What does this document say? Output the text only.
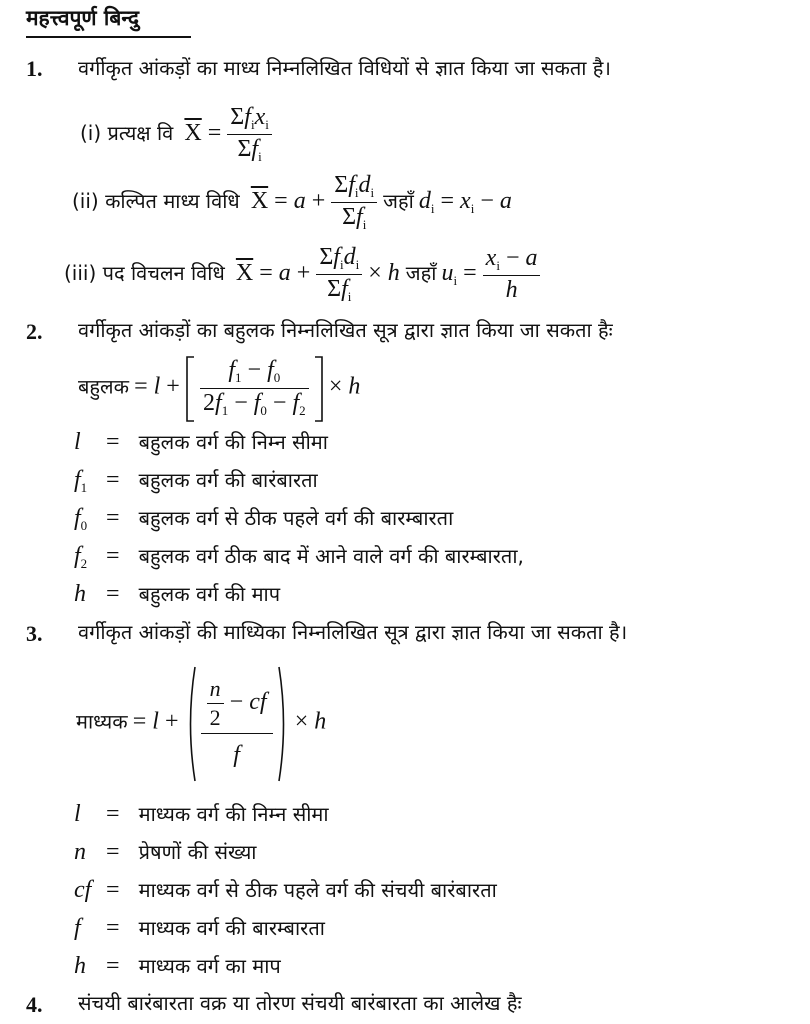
महत्त्वपूर्ण बिन्दु
1. वर्गीकृत आंकड़ों का माध्य निम्नलिखित विधियों से ज्ञात किया जा सकता है।
(i) प्रत्यक्ष वि $\overline{X} = \frac{\Sigma f_ix_i}{\Sigma f_i}$
(ii) कल्पित माध्य विधि $\overline{X} = a + \frac{\Sigma f_id_i}{\Sigma f_i}$ जहाँ $d_i = x_i - a$
(iii) पद विचलन विधि $\overline{X} = a + \frac{\Sigma f_id_i}{\Sigma f_i} \times h$ जहाँ $u_i = \frac{x_i - a}{h}$
2. वर्गीकृत आंकड़ों का बहुलक निम्नलिखित सूत्र द्वारा ज्ञात किया जा सकता हैः
बहुलक = $l + \frac{f_1 - f_0}{2f_1 - f_0 - f_2} \times h$
l = बहुलक वर्ग की निम्न सीमा
$f_1$ = बहुलक वर्ग की बारंबारता
$f_0$ = बहुलक वर्ग से ठीक पहले वर्ग की बारम्बारता
$f_2$ = बहुलक वर्ग ठीक बाद में आने वाले वर्ग की बारम्बारता,
h = बहुलक वर्ग की माप
3. वर्गीकृत आंकड़ों की माध्यिका निम्नलिखित सूत्र द्वारा ज्ञात किया जा सकता है।
माध्यक = $l + \frac{\frac{n}{2} - cf}{f} \times h$
l = माध्यक वर्ग की निम्न सीमा
n = प्रेषणों की संख्या
cf = माध्यक वर्ग से ठीक पहले वर्ग की संचयी बारंबारता
f = माध्यक वर्ग की बारम्बारता
h = माध्यक वर्ग का माप
4. संचयी बारंबारता वक्र या तोरण संचयी बारंबारता का आलेख हैः
